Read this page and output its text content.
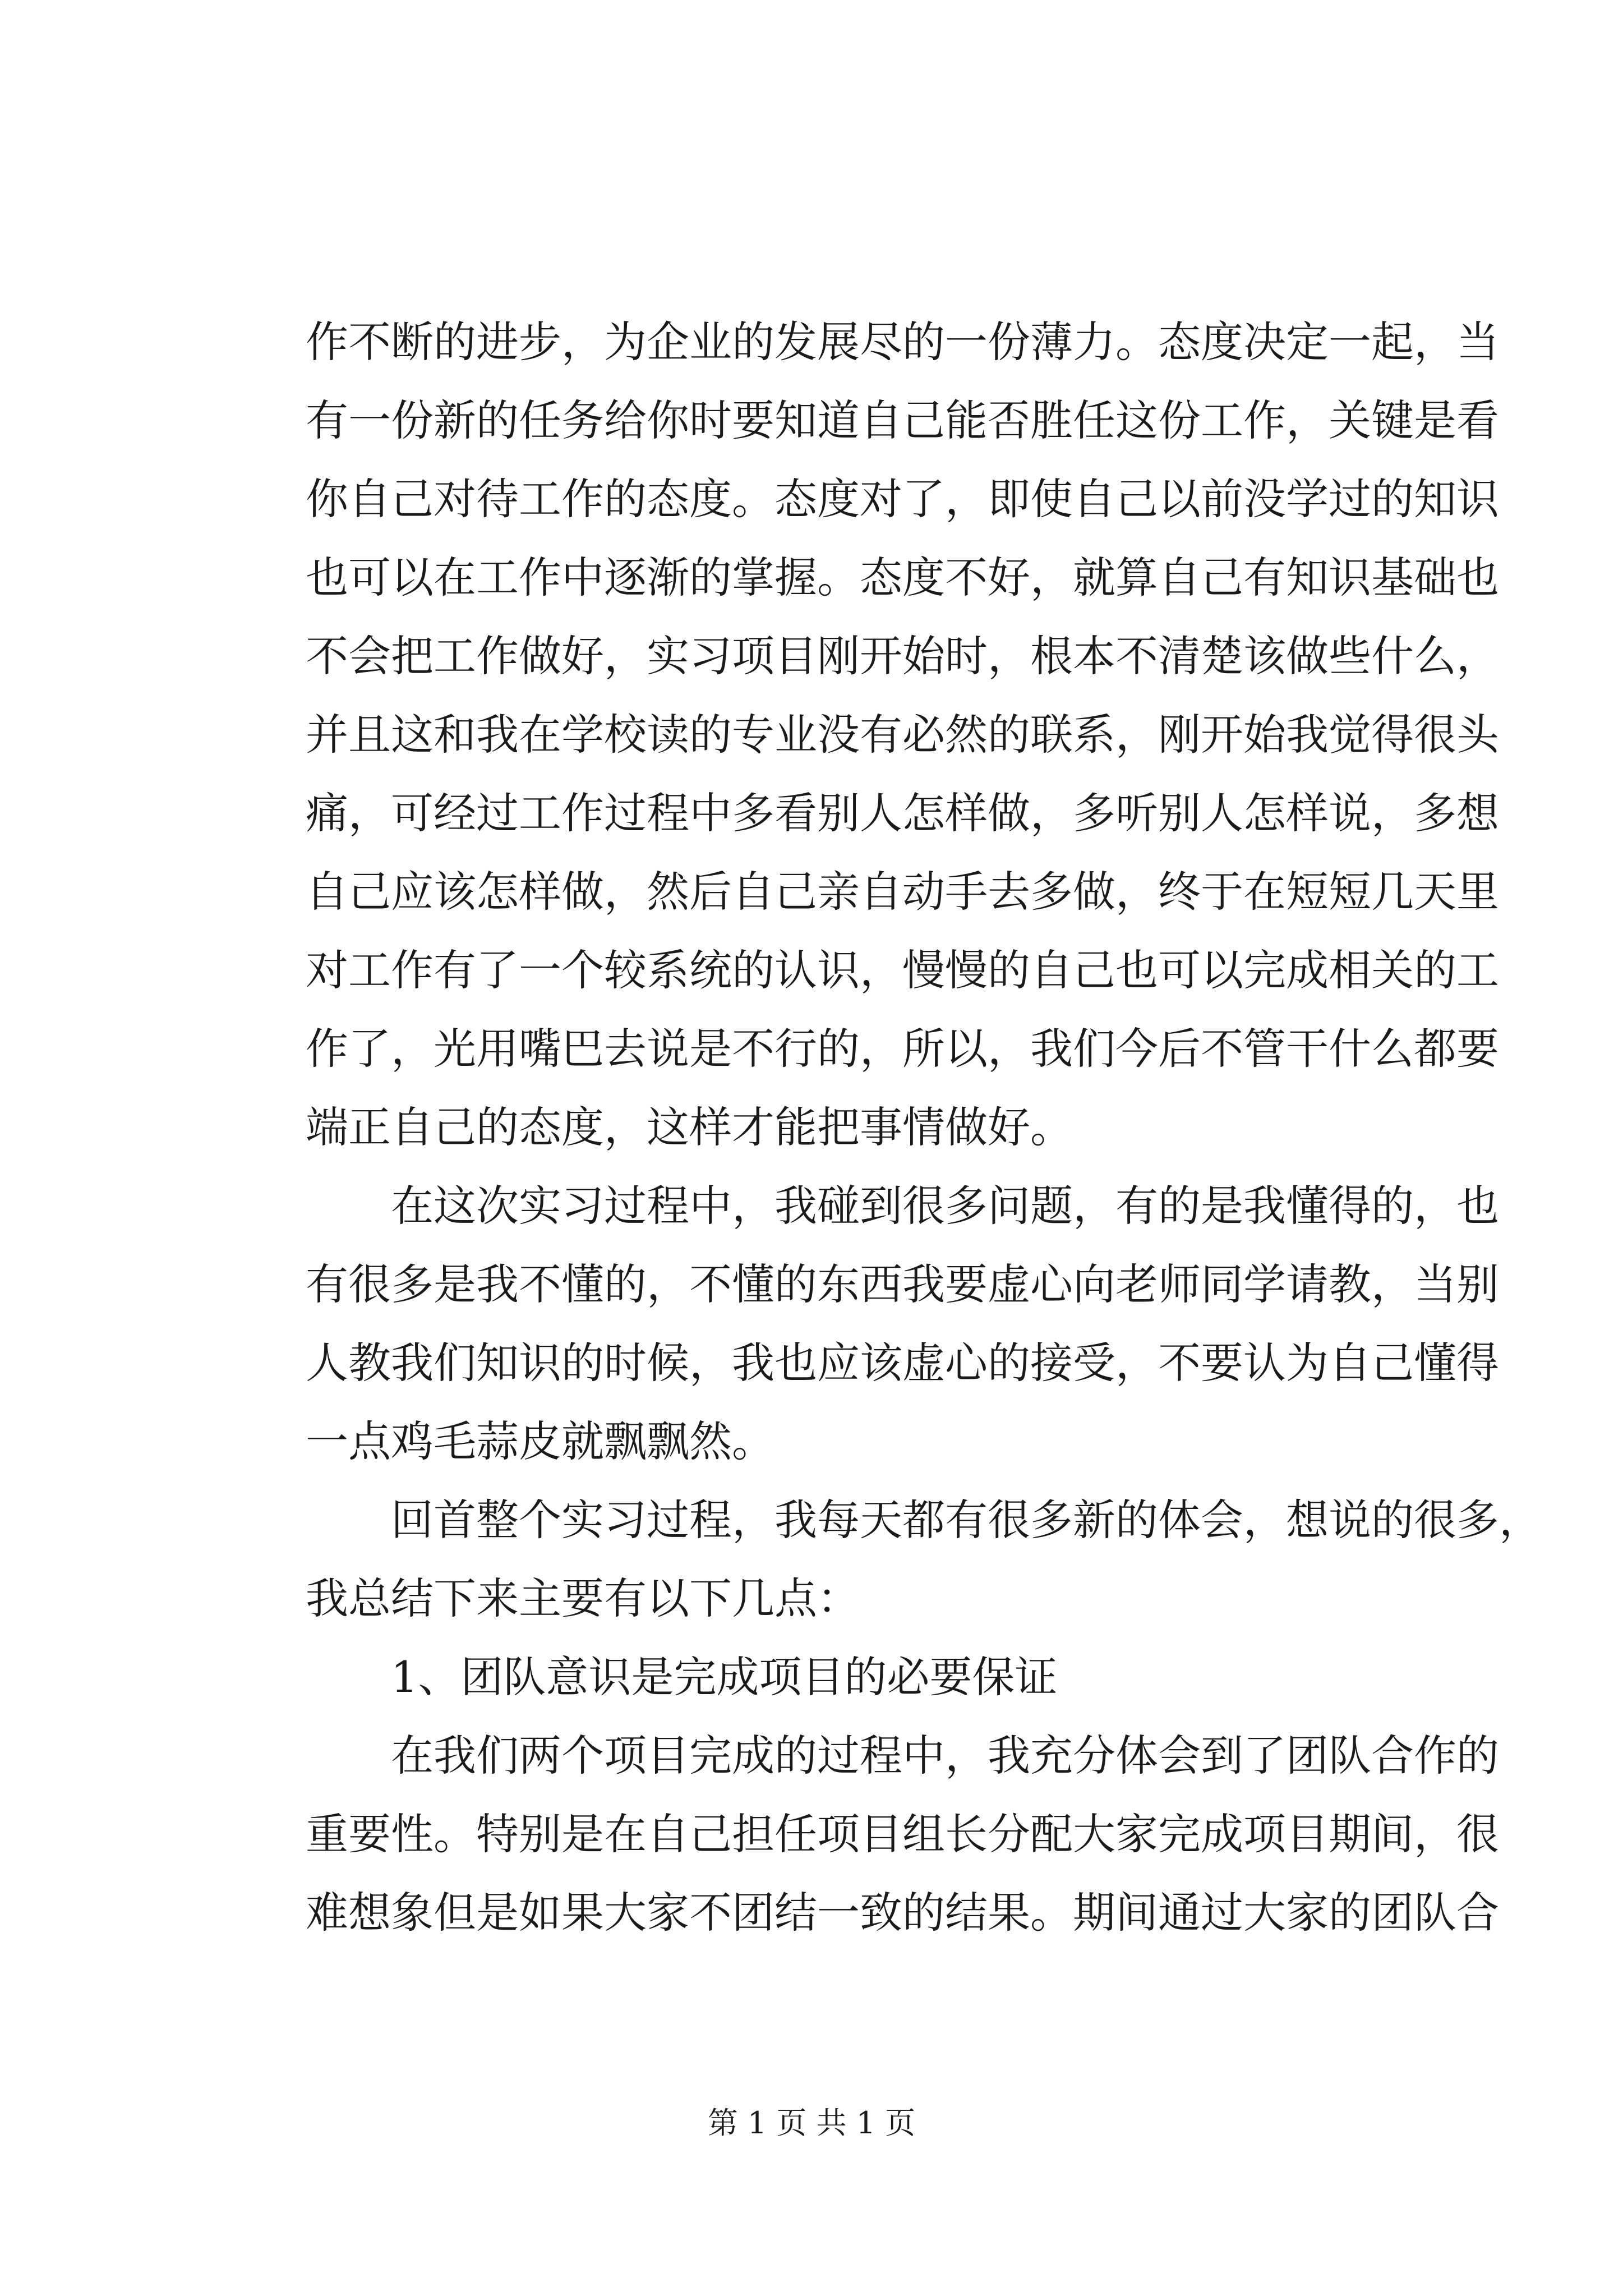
作不断的进步，为企业的发展尽的一份薄力。态度决定一起，当
有一份新的任务给你时要知道自己能否胜任这份工作，关键是看
你自己对待工作的态度。态度对了，即使自己以前没学过的知识
也可以在工作中逐渐的掌握。态度不好，就算自己有知识基础也
不会把工作做好，实习项目刚开始时，根本不清楚该做些什么，
并且这和我在学校读的专业没有必然的联系，刚开始我觉得很头
痛，可经过工作过程中多看别人怎样做，多听别人怎样说，多想
自己应该怎样做，然后自己亲自动手去多做，终于在短短几天里
对工作有了一个较系统的认识，慢慢的自己也可以完成相关的工
作了，光用嘴巴去说是不行的，所以，我们今后不管干什么都要
端正自己的态度，这样才能把事情做好。
　　在这次实习过程中，我碰到很多问题，有的是我懂得的，也
有很多是我不懂的，不懂的东西我要虚心向老师同学请教，当别
人教我们知识的时候，我也应该虚心的接受，不要认为自己懂得
一点鸡毛蒜皮就飘飘然。
　　回首整个实习过程，我每天都有很多新的体会，想说的很多，
我总结下来主要有以下几点：
　　1、团队意识是完成项目的必要保证
　　在我们两个项目完成的过程中，我充分体会到了团队合作的
重要性。特别是在自己担任项目组长分配大家完成项目期间，很
难想象但是如果大家不团结一致的结果。期间通过大家的团队合
第 1 页 共 1 页
